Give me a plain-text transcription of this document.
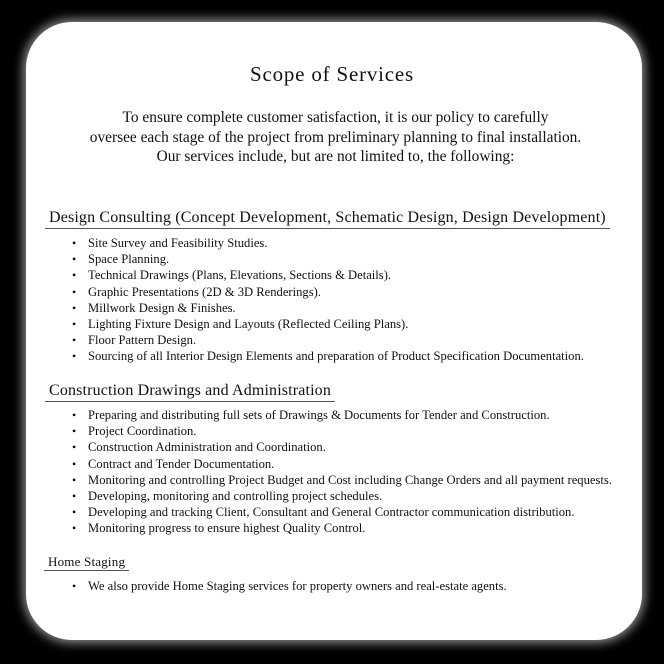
Scope of Services
To ensure complete customer satisfaction, it is our policy to carefully
oversee each stage of the project from preliminary planning to final installation.
Our services include, but are not limited to, the following:
Design Consulting (Concept Development, Schematic Design, Design Development)
• Site Survey and Feasibility Studies.
• Space Planning.
• Technical Drawings (Plans, Elevations, Sections & Details).
• Graphic Presentations (2D & 3D Renderings).
• Millwork Design & Finishes.
• Lighting Fixture Design and Layouts (Reflected Ceiling Plans).
• Floor Pattern Design.
• Sourcing of all Interior Design Elements and preparation of Product Specification Documentation.
Construction Drawings and Administration
• Preparing and distributing full sets of Drawings & Documents for Tender and Construction.
• Project Coordination.
• Construction Administration and Coordination.
• Contract and Tender Documentation.
• Monitoring and controlling Project Budget and Cost including Change Orders and all payment requests.
• Developing, monitoring and controlling project schedules.
• Developing and tracking Client, Consultant and General Contractor communication distribution.
• Monitoring progress to ensure highest Quality Control.
Home Staging
• We also provide Home Staging services for property owners and real-estate agents.
